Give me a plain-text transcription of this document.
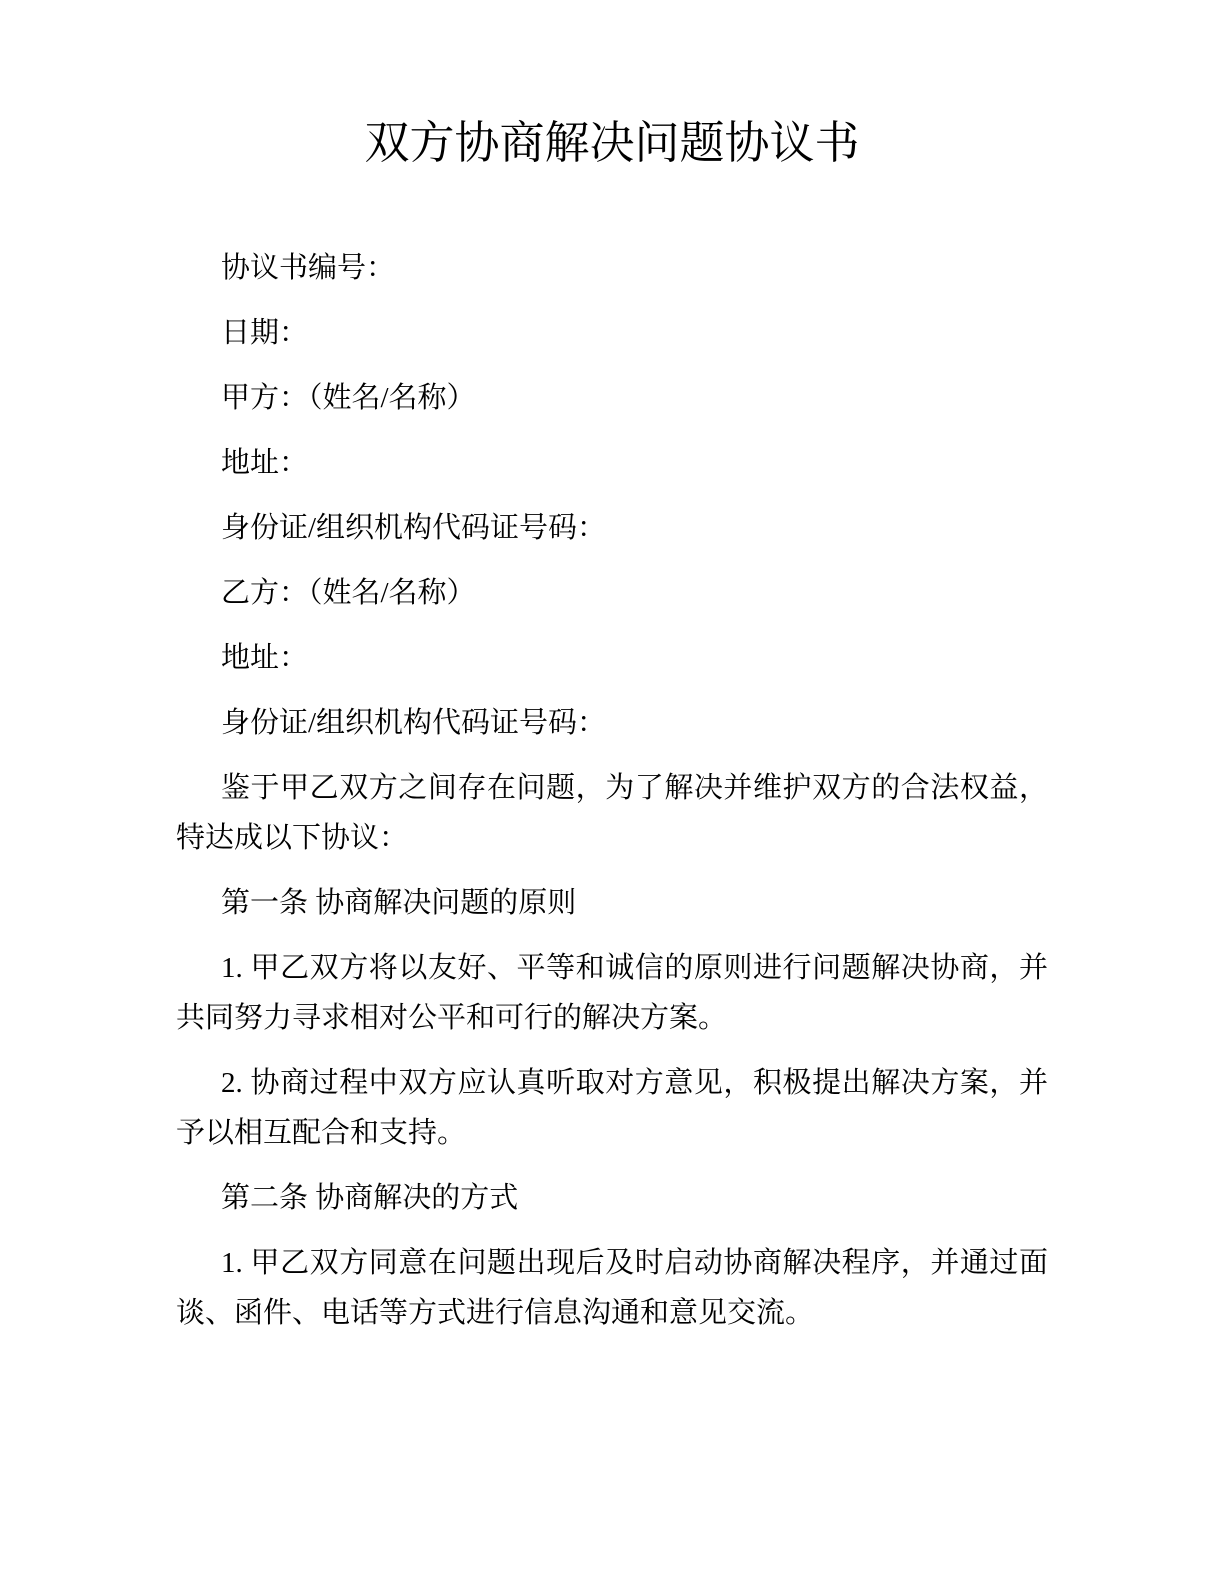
双方协商解决问题协议书

协议书编号：

日期：

甲方：（姓名/名称）

地址：

身份证/组织机构代码证号码：

乙方：（姓名/名称）

地址：

身份证/组织机构代码证号码：

鉴于甲乙双方之间存在问题，为了解决并维护双方的合法权益，特达成以下协议：

第一条 协商解决问题的原则

1. 甲乙双方将以友好、平等和诚信的原则进行问题解决协商，并共同努力寻求相对公平和可行的解决方案。

2. 协商过程中双方应认真听取对方意见，积极提出解决方案，并予以相互配合和支持。

第二条 协商解决的方式

1. 甲乙双方同意在问题出现后及时启动协商解决程序，并通过面谈、函件、电话等方式进行信息沟通和意见交流。
